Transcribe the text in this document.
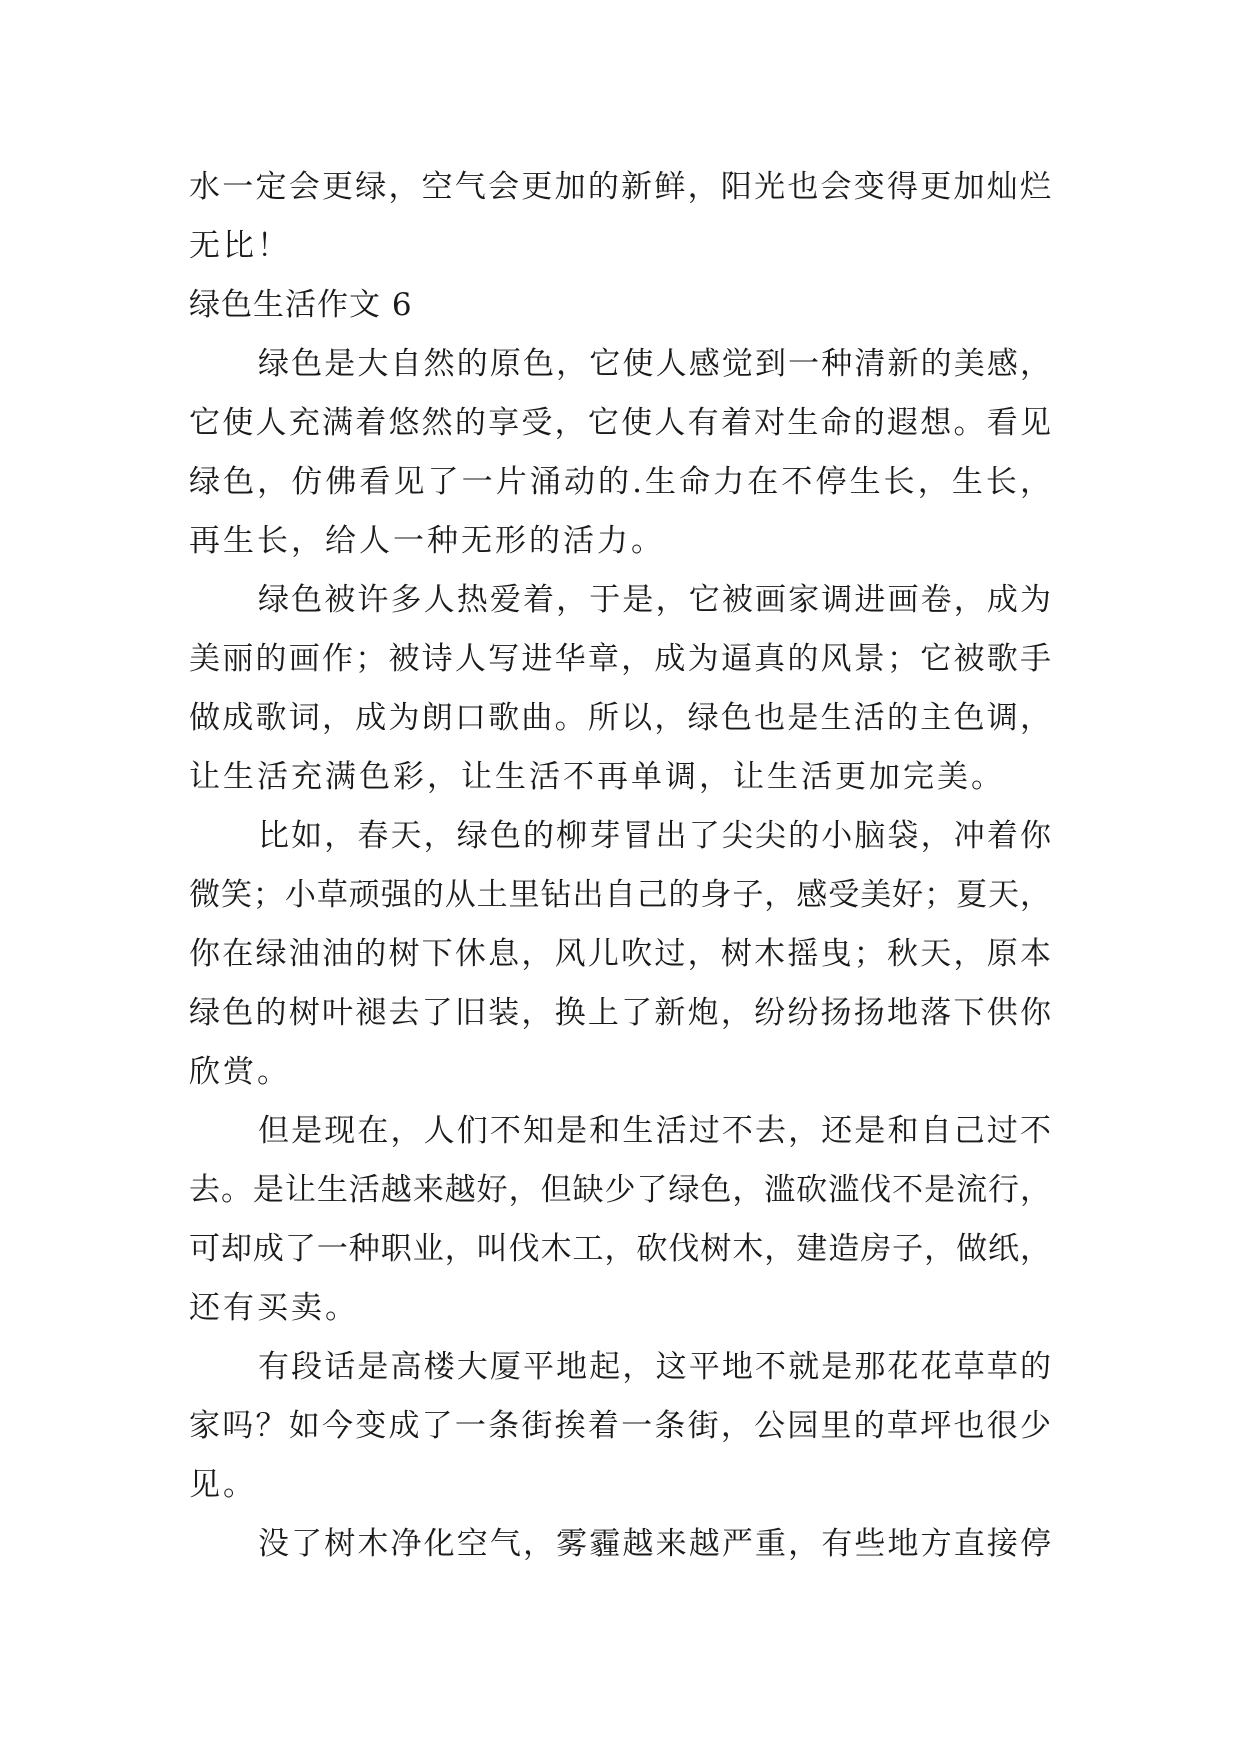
水一定会更绿，空气会更加的新鲜，阳光也会变得更加灿烂
无比！
绿色生活作文 6
绿色是大自然的原色，它使人感觉到一种清新的美感，
它使人充满着悠然的享受，它使人有着对生命的遐想。看见
绿色，仿佛看见了一片涌动的.生命力在不停生长，生长，
再生长，给人一种无形的活力。
绿色被许多人热爱着，于是，它被画家调进画卷，成为
美丽的画作；被诗人写进华章，成为逼真的风景；它被歌手
做成歌词，成为朗口歌曲。所以，绿色也是生活的主色调，
让生活充满色彩，让生活不再单调，让生活更加完美。
比如，春天，绿色的柳芽冒出了尖尖的小脑袋，冲着你
微笑；小草顽强的从土里钻出自己的身子，感受美好；夏天，
你在绿油油的树下休息，风儿吹过，树木摇曳；秋天，原本
绿色的树叶褪去了旧装，换上了新炮，纷纷扬扬地落下供你
欣赏。
但是现在，人们不知是和生活过不去，还是和自己过不
去。是让生活越来越好，但缺少了绿色，滥砍滥伐不是流行，
可却成了一种职业，叫伐木工，砍伐树木，建造房子，做纸，
还有买卖。
有段话是高楼大厦平地起，这平地不就是那花花草草的
家吗？如今变成了一条街挨着一条街，公园里的草坪也很少
见。
没了树木净化空气，雾霾越来越严重，有些地方直接停
